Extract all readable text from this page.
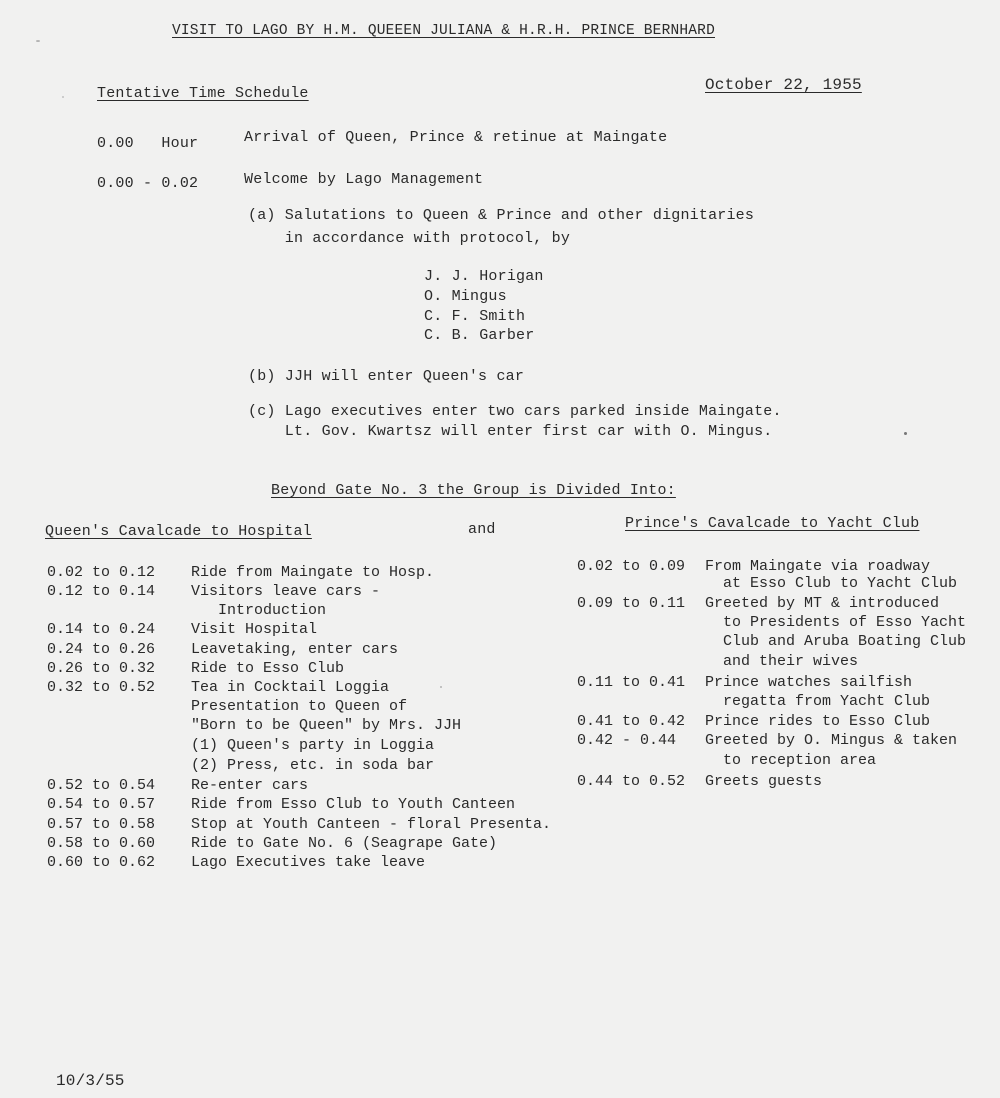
VISIT TO LAGO BY H.M. QUEEEN JULIANA & H.R.H. PRINCE BERNHARD
Tentative Time Schedule	October 22, 1955
0.00   Hour	Arrival of Queen, Prince & retinue at Maingate
0.00 - 0.02	Welcome by Lago Management
(a) Salutations to Queen & Prince and other dignitaries
in accordance with protocol, by
J. J. Horigan
O. Mingus
C. F. Smith
C. B. Garber
(b) JJH will enter Queen's car
(c) Lago executives enter two cars parked inside Maingate.
Lt. Gov. Kwartsz will enter first car with O. Mingus.
Beyond Gate No. 3 the Group is Divided Into:
Queen's Cavalcade to Hospital	and	Prince's Cavalcade to Yacht Club
0.02 to 0.12 Ride from Maingate to Hosp.
0.12 to 0.14 Visitors leave cars -
Introduction
0.14 to 0.24 Visit Hospital
0.24 to 0.26 Leavetaking, enter cars
0.26 to 0.32 Ride to Esso Club
0.32 to 0.52 Tea in Cocktail Loggia
Presentation to Queen of
"Born to be Queen" by Mrs. JJH
(1) Queen's party in Loggia
(2) Press, etc. in soda bar
0.52 to 0.54 Re-enter cars
0.54 to 0.57 Ride from Esso Club to Youth Canteen
0.57 to 0.58 Stop at Youth Canteen - floral Presenta.
0.58 to 0.60 Ride to Gate No. 6 (Seagrape Gate)
0.60 to 0.62 Lago Executives take leave
0.02 to 0.09 From Maingate via roadway
at Esso Club to Yacht Club
0.09 to 0.11 Greeted by MT & introduced
to Presidents of Esso Yacht
Club and Aruba Boating Club
and their wives
0.11 to 0.41 Prince watches sailfish
regatta from Yacht Club
0.41 to 0.42 Prince rides to Esso Club
0.42 - 0.44 Greeted by O. Mingus & taken
to reception area
0.44 to 0.52 Greets guests
10/3/55
